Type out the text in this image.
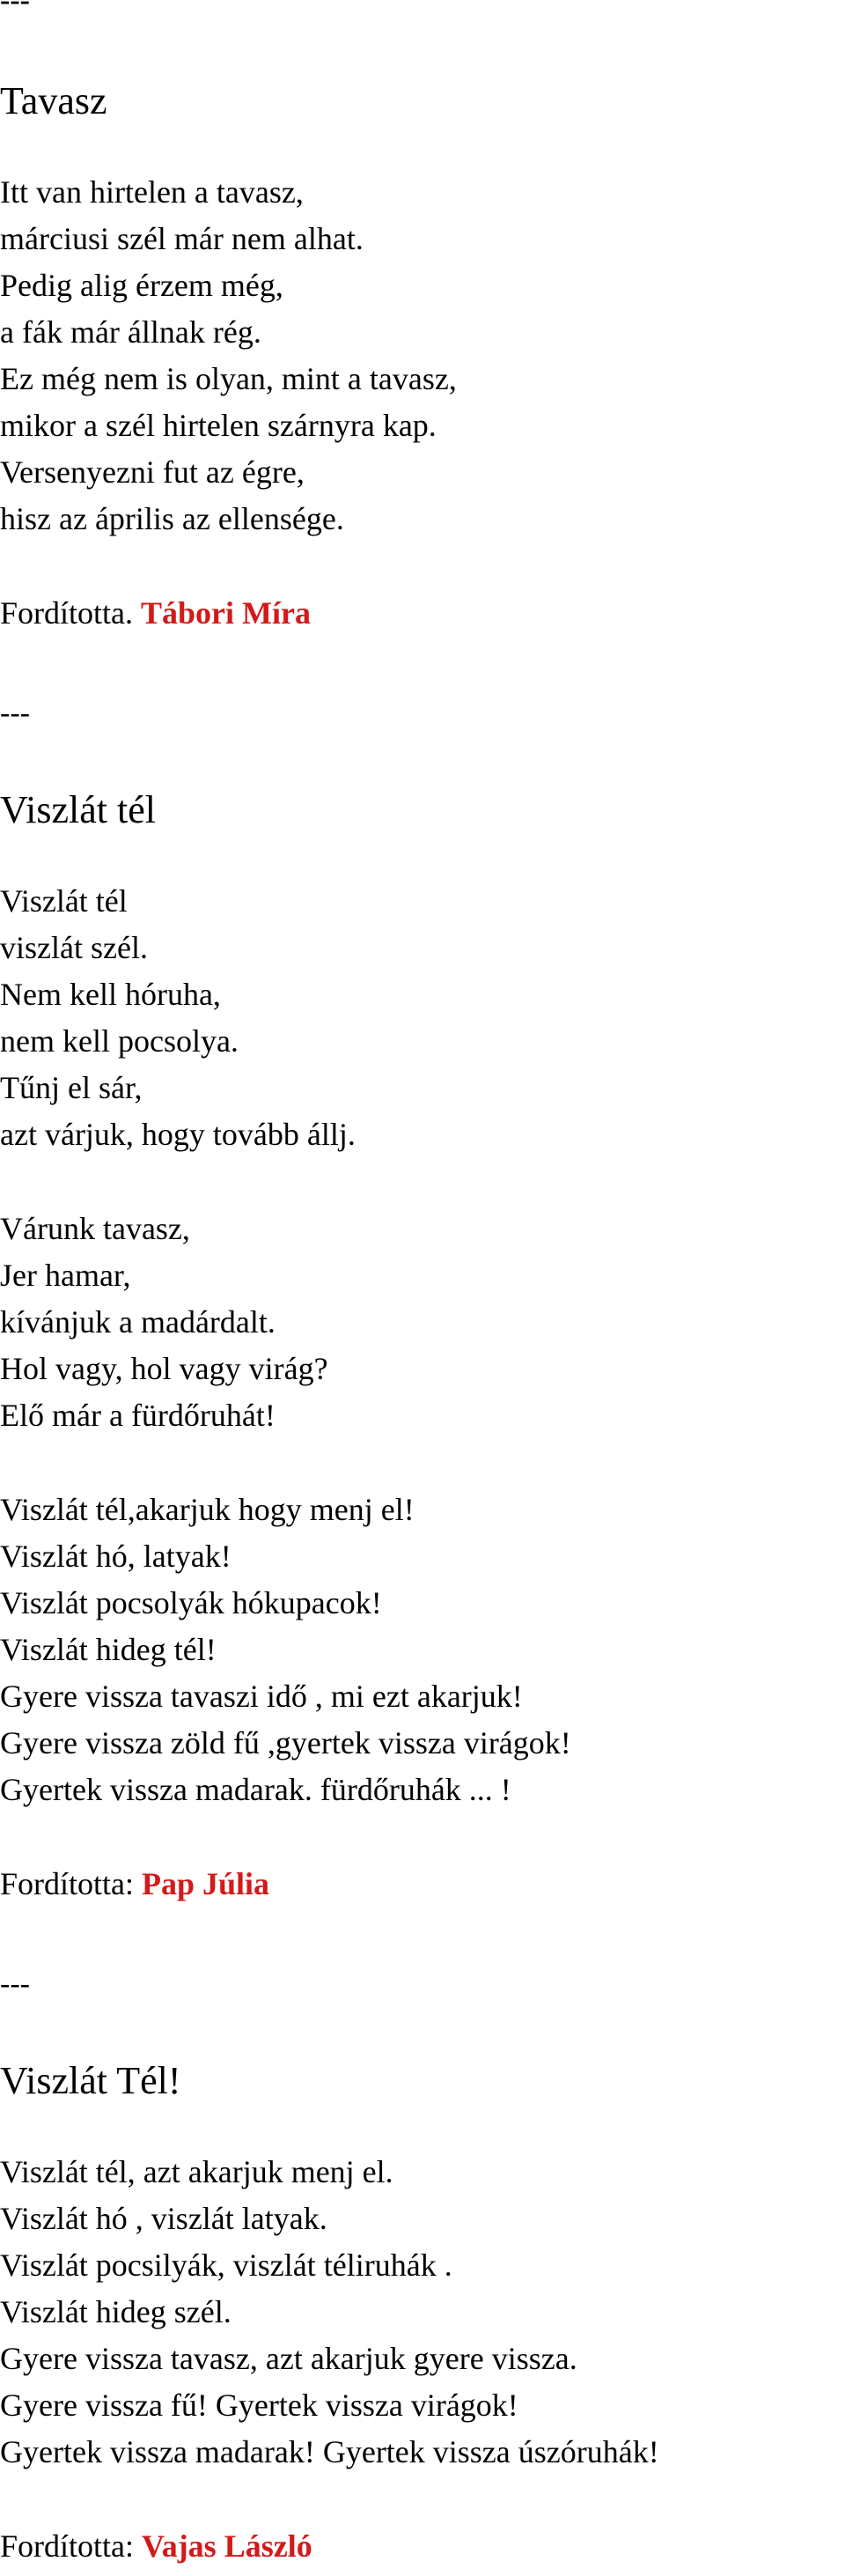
---
Tavasz
Itt van hirtelen a tavasz,
márciusi szél már nem alhat.
Pedig alig érzem még,
a fák már állnak rég.
Ez még nem is olyan, mint a tavasz,
mikor a szél hirtelen szárnyra kap.
Versenyezni fut az égre,
hisz az április az ellensége.
Fordította. Tábori Míra
---
Viszlát tél
Viszlát tél
viszlát szél.
Nem kell hóruha,
nem kell pocsolya.
Tűnj el sár,
azt várjuk, hogy tovább állj.
Várunk tavasz,
Jer hamar,
kívánjuk a madárdalt.
Hol vagy, hol vagy virág?
Elő már a fürdőruhát!
Viszlát tél,akarjuk hogy menj el!
Viszlát hó, latyak!
Viszlát pocsolyák hókupacok!
Viszlát hideg tél!
Gyere vissza tavaszi idő , mi ezt akarjuk!
Gyere vissza zöld fű ,gyertek vissza virágok!
Gyertek vissza madarak. fürdőruhák ... !
Fordította: Pap Júlia
---
Viszlát Tél!
Viszlát tél, azt akarjuk menj el.
Viszlát hó , viszlát latyak.
Viszlát pocsilyák, viszlát téliruhák .
Viszlát hideg szél.
Gyere vissza tavasz, azt akarjuk gyere vissza.
Gyere vissza fű! Gyertek vissza virágok!
Gyertek vissza madarak! Gyertek vissza úszóruhák!
Fordította: Vajas László
